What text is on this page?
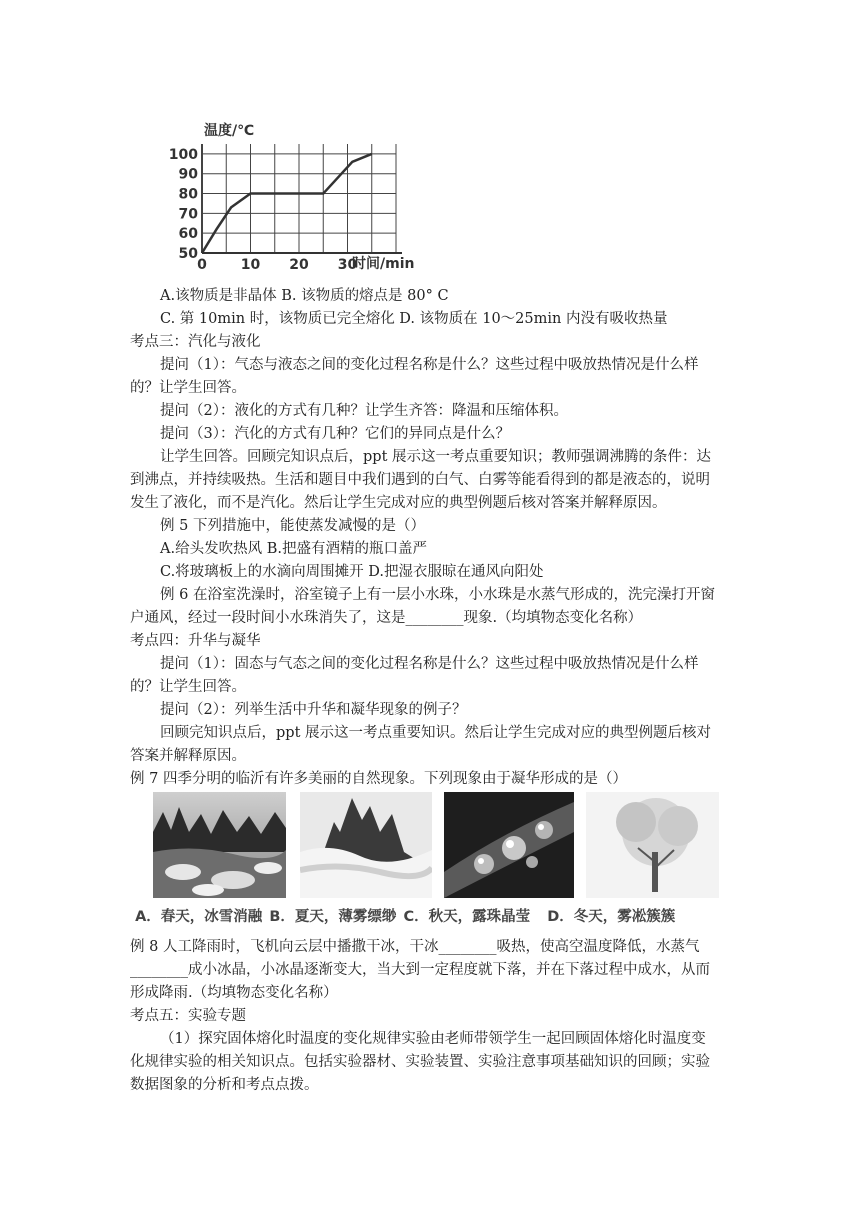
50
60
70
80
90
100
0 10 20 30
温度/℃
时间/min
A.该物质是非晶体 B. 该物质的熔点是 80° C
C. 第 10min 时，该物质已完全熔化 D. 该物质在 10～25min 内没有吸收热量
考点三：汽化与液化
提问（1）：气态与液态之间的变化过程名称是什么？这些过程中吸放热情况是什么样
的？让学生回答。
提问（2）：液化的方式有几种？让学生齐答：降温和压缩体积。
提问（3）：汽化的方式有几种？它们的异同点是什么？
让学生回答。回顾完知识点后，ppt 展示这一考点重要知识；教师强调沸腾的条件：达
到沸点，并持续吸热。生活和题目中我们遇到的白气、白雾等能看得到的都是液态的，说明
发生了液化，而不是汽化。然后让学生完成对应的典型例题后核对答案并解释原因。
例 5 下列措施中，能使蒸发减慢的是（）
A.给头发吹热风 B.把盛有酒精的瓶口盖严
C.将玻璃板上的水滴向周围摊开 D.把湿衣服晾在通风向阳处
例 6 在浴室洗澡时，浴室镜子上有一层小水珠，小水珠是水蒸气形成的，洗完澡打开窗
户通风，经过一段时间小水珠消失了，这是________现象.（均填物态变化名称）
考点四：升华与凝华
提问（1）：固态与气态之间的变化过程名称是什么？这些过程中吸放热情况是什么样
的？让学生回答。
提问（2）：列举生活中升华和凝华现象的例子？
回顾完知识点后，ppt 展示这一考点重要知识。然后让学生完成对应的典型例题后核对
答案并解释原因。
例 7 四季分明的临沂有许多美丽的自然现象。下列现象由于凝华形成的是（）
A．春天，冰雪消融 B．夏天，薄雾缥缈 C．秋天，露珠晶莹 D．冬天，雾凇簇簇
例 8 人工降雨时，飞机向云层中播撒干冰，干冰________吸热，使高空温度降低，水蒸气
________成小冰晶，小冰晶逐渐变大，当大到一定程度就下落，并在下落过程中成水，从而
形成降雨.（均填物态变化名称）
考点五：实验专题
（1）探究固体熔化时温度的变化规律实验由老师带领学生一起回顾固体熔化时温度变
化规律实验的相关知识点。包括实验器材、实验装置、实验注意事项基础知识的回顾；实验
数据图象的分析和考点点拨。
